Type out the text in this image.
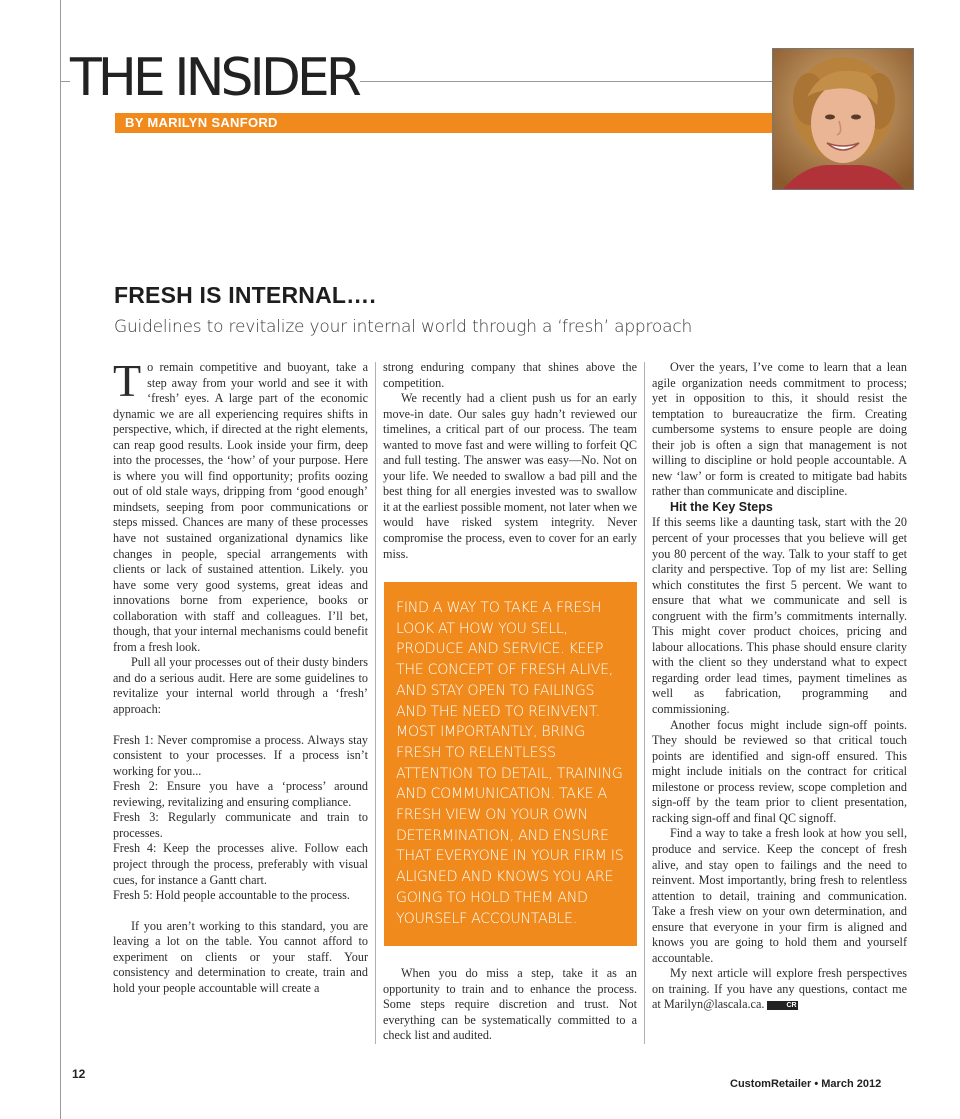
THE INSIDER
BY MARILYN SANFORD
FRESH IS INTERNAL….

Guidelines to revitalize your internal world through a ‘fresh’ approach

To remain competitive and buoyant, take a step away from your world and see it with ‘fresh’ eyes. A large part of the economic dynamic we are all experiencing requires shifts in perspective, which, if directed at the right elements, can reap good results. Look inside your firm, deep into the processes, the ‘how’ of your purpose. Here is where you will find opportunity; profits oozing out of old stale ways, dripping from ‘good enough’ mindsets, seeping from poor communications or steps missed. Chances are many of these processes have not sustained organizational dynamics like changes in people, special arrangements with clients or lack of sustained attention. Likely. you have some very good systems, great ideas and innovations borne from experience, books or collaboration with staff and colleagues. I’ll bet, though, that your internal mechanisms could benefit from a fresh look.

Pull all your processes out of their dusty binders and do a serious audit. Here are some guidelines to revitalize your internal world through a ‘fresh’ approach:

Fresh 1: Never compromise a process. Always stay consistent to your processes. If a process isn’t working for you...

Fresh 2: Ensure you have a ‘process’ around reviewing, revitalizing and ensuring compliance.

Fresh 3: Regularly communicate and train to processes.

Fresh 4: Keep the processes alive. Follow each project through the process, preferably with visual cues, for instance a Gantt chart.

Fresh 5: Hold people accountable to the process.

If you aren’t working to this standard, you are leaving a lot on the table. You cannot afford to experiment on clients or your staff. Your consistency and determination to create, train and hold your people accountable will create a

strong enduring company that shines above the competition.

We recently had a client push us for an early move-in date. Our sales guy hadn’t reviewed our timelines, a critical part of our process. The team wanted to move fast and were willing to forfeit QC and full testing. The answer was easy—No. Not on your life. We needed to swallow a bad pill and the best thing for all energies invested was to swallow it at the earliest possible moment, not later when we would have risked system integrity. Never compromise the process, even to cover for an early miss.

FIND A WAY TO TAKE A FRESH LOOK AT HOW YOU SELL, PRODUCE AND SERVICE. KEEP THE CONCEPT OF FRESH ALIVE, AND STAY OPEN TO FAILINGS AND THE NEED TO REINVENT. MOST IMPORTANTLY, BRING FRESH TO RELENTLESS ATTENTION TO DETAIL, TRAINING AND COMMUNICATION. TAKE A FRESH VIEW ON YOUR OWN DETERMINATION, AND ENSURE THAT EVERYONE IN YOUR FIRM IS ALIGNED AND KNOWS YOU ARE GOING TO HOLD THEM AND YOURSELF ACCOUNTABLE.

When you do miss a step, take it as an opportunity to train and to enhance the process. Some steps require discretion and trust. Not everything can be systematically committed to a check list and audited.

Over the years, I’ve come to learn that a lean agile organization needs commitment to process; yet in opposition to this, it should resist the temptation to bureaucratize the firm. Creating cumbersome systems to ensure people are doing their job is often a sign that management is not willing to discipline or hold people accountable. A new ‘law’ or form is created to mitigate bad habits rather than communicate and discipline.

Hit the Key Steps

If this seems like a daunting task, start with the 20 percent of your processes that you believe will get you 80 percent of the way. Talk to your staff to get clarity and perspective. Top of my list are: Selling which constitutes the first 5 percent. We want to ensure that what we communicate and sell is congruent with the firm’s commitments internally. This might cover product choices, pricing and labour allocations. This phase should ensure clarity with the client so they understand what to expect regarding order lead times, payment timelines as well as fabrication, programming and commissioning.

Another focus might include sign-off points. They should be reviewed so that critical touch points are identified and sign-off ensured. This might include initials on the contract for critical milestone or process review, scope completion and sign-off by the team prior to client presentation, racking sign-off and final QC signoff.

Find a way to take a fresh look at how you sell, produce and service. Keep the concept of fresh alive, and stay open to failings and the need to reinvent. Most importantly, bring fresh to relentless attention to detail, training and communication. Take a fresh view on your own determination, and ensure that everyone in your firm is aligned and knows you are going to hold them and yourself accountable.

My next article will explore fresh perspectives on training. If you have any questions, contact me at Marilyn@lascala.ca.	CR

12
CustomRetailer • March 2012
